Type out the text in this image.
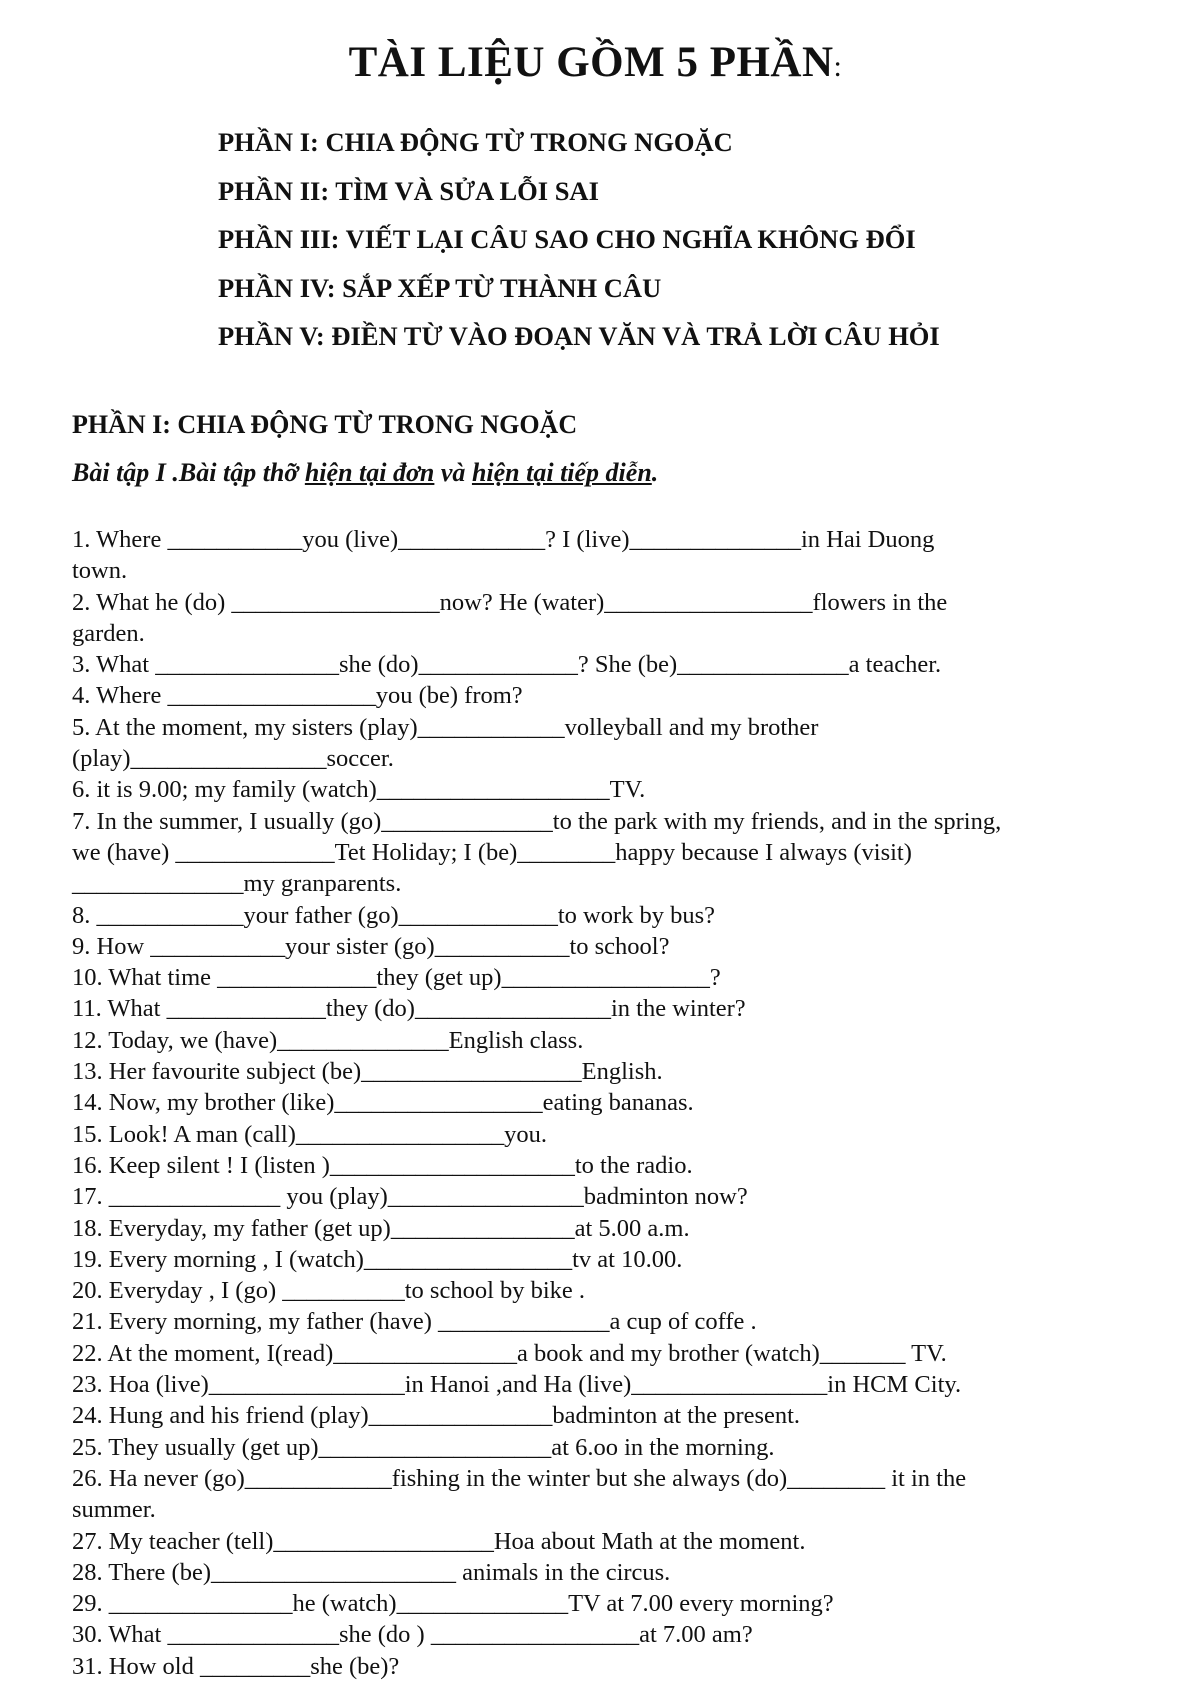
TÀI LIỆU GỒM 5 PHẦN:
PHẦN I: CHIA ĐỘNG TỪ TRONG NGOẶC
PHẦN II: TÌM VÀ SỬA LỖI SAI
PHẦN III: VIẾT LẠI CÂU SAO CHO NGHĨA KHÔNG ĐỔI
PHẦN IV: SẮP XẾP TỪ THÀNH CÂU
PHẦN V: ĐIỀN TỪ VÀO ĐOẠN VĂN VÀ TRẢ LỜI CÂU HỎI
PHẦN I: CHIA ĐỘNG TỪ TRONG NGOẶC
Bài tập I .Bài tập thỡ hiện tại đơn và hiện tại tiếp diễn.
1. Where ___________you (live)____________? I (live)______________in Hai Duong
town.
2. What he (do) _________________now? He (water)_________________flowers in the
garden.
3. What _______________she (do)_____________? She (be)______________a teacher.
4. Where _________________you (be) from?
5. At the moment, my sisters (play)____________volleyball and my brother
(play)________________soccer.
6. it is 9.00; my family (watch)___________________TV.
7. In the summer, I usually (go)______________to the park with my friends, and in the spring,
we (have) _____________Tet Holiday; I (be)________happy because I always (visit)
______________my granparents.
8. ____________your father (go)_____________to work by bus?
9. How ___________your sister (go)___________to school?
10. What time _____________they (get up)_________________?
11. What _____________they (do)________________in the winter?
12. Today, we (have)______________English class.
13. Her favourite subject (be)__________________English.
14. Now, my brother (like)_________________eating bananas.
15. Look! A man (call)_________________you.
16. Keep silent ! I (listen )____________________to the radio.
17. ______________ you (play)________________badminton now?
18. Everyday, my father (get up)_______________at 5.00 a.m.
19. Every morning , I (watch)_________________tv at 10.00.
20. Everyday , I (go) __________to school by bike .
21. Every morning, my father (have) ______________a cup of coffe .
22. At the moment, I(read)_______________a book and my brother (watch)_______ TV.
23. Hoa (live)________________in Hanoi ,and Ha (live)________________in HCM City.
24. Hung and his friend (play)_______________badminton at the present.
25. They usually (get up)___________________at 6.oo in the morning.
26. Ha never (go)____________fishing in the winter but she always (do)________ it in the
summer.
27. My teacher (tell)__________________Hoa about Math at the moment.
28. There (be)____________________ animals in the circus.
29. _______________he (watch)______________TV at 7.00 every morning?
30. What ______________she (do ) _________________at 7.00 am?
31. How old _________she (be)?
